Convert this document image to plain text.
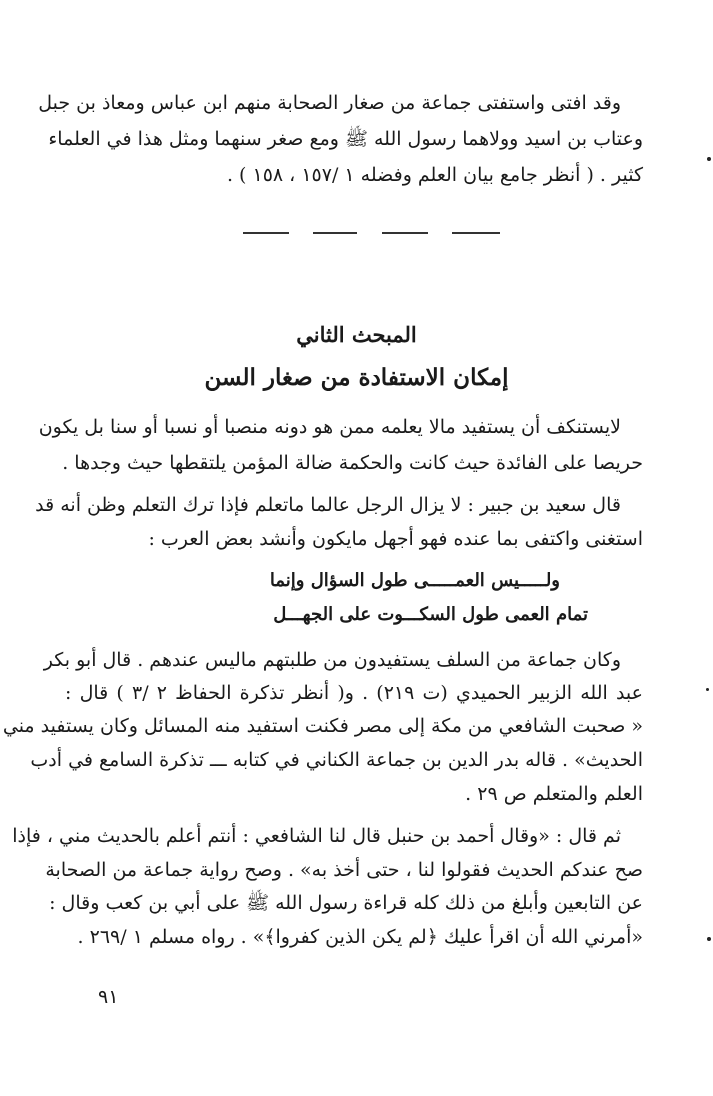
وقد افتى واستفتى جماعة من صغار الصحابة منهم ابن عباس ومعاذ بن جبل
وعتاب بن اسيد وولاهما رسول الله ﷺ ومع صغر سنهما ومثل هذا في العلماء
كثير . ( أنظر جامع بيان العلم وفضله ١ /١٥٧ ، ١٥٨ ) .
المبحث الثاني
إمكان الاستفادة من صغار السن
لايستنكف أن يستفيد مالا يعلمه ممن هو دونه منصبا أو نسبا أو سنا بل يكون
حريصا على الفائدة حيث كانت والحكمة ضالة المؤمن يلتقطها حيث وجدها .
قال سعيد بن جبير : لا يزال الرجل عالما ماتعلم فإذا ترك التعلم وظن أنه قد
استغنى واكتفى بما عنده فهو أجهل مايكون وأنشد بعض العرب :
ولـــــيس العمـــــى طول السؤال وإنما
تمام العمى طول السكـــوت على الجهـــل
وكان جماعة من السلف يستفيدون من طلبتهم ماليس عندهم . قال أبو بكر
عبد الله الزبير الحميدي (ت ٢١٩) . و( أنظر تذكرة الحفاظ ٢ /٣ ) قال :
« صحبت الشافعي من مكة إلى مصر فكنت استفيد منه المسائل وكان يستفيد مني
الحديث» . قاله بدر الدين بن جماعة الكناني في كتابه ـــ تذكرة السامع في أدب
العلم والمتعلم ص ٢٩ .
ثم قال : «وقال أحمد بن حنبل قال لنا الشافعي : أنتم أعلم بالحديث مني ، فإذا
صح عندكم الحديث فقولوا لنا ، حتى أخذ به» . وصح رواية جماعة من الصحابة
عن التابعين وأبلغ من ذلك كله قراءة رسول الله ﷺ على أبي بن كعب وقال :
«أمرني الله أن اقرأ عليك ﴿لم يكن الذين كفروا﴾» . رواه مسلم ١ /٢٦٩ .
٩١
